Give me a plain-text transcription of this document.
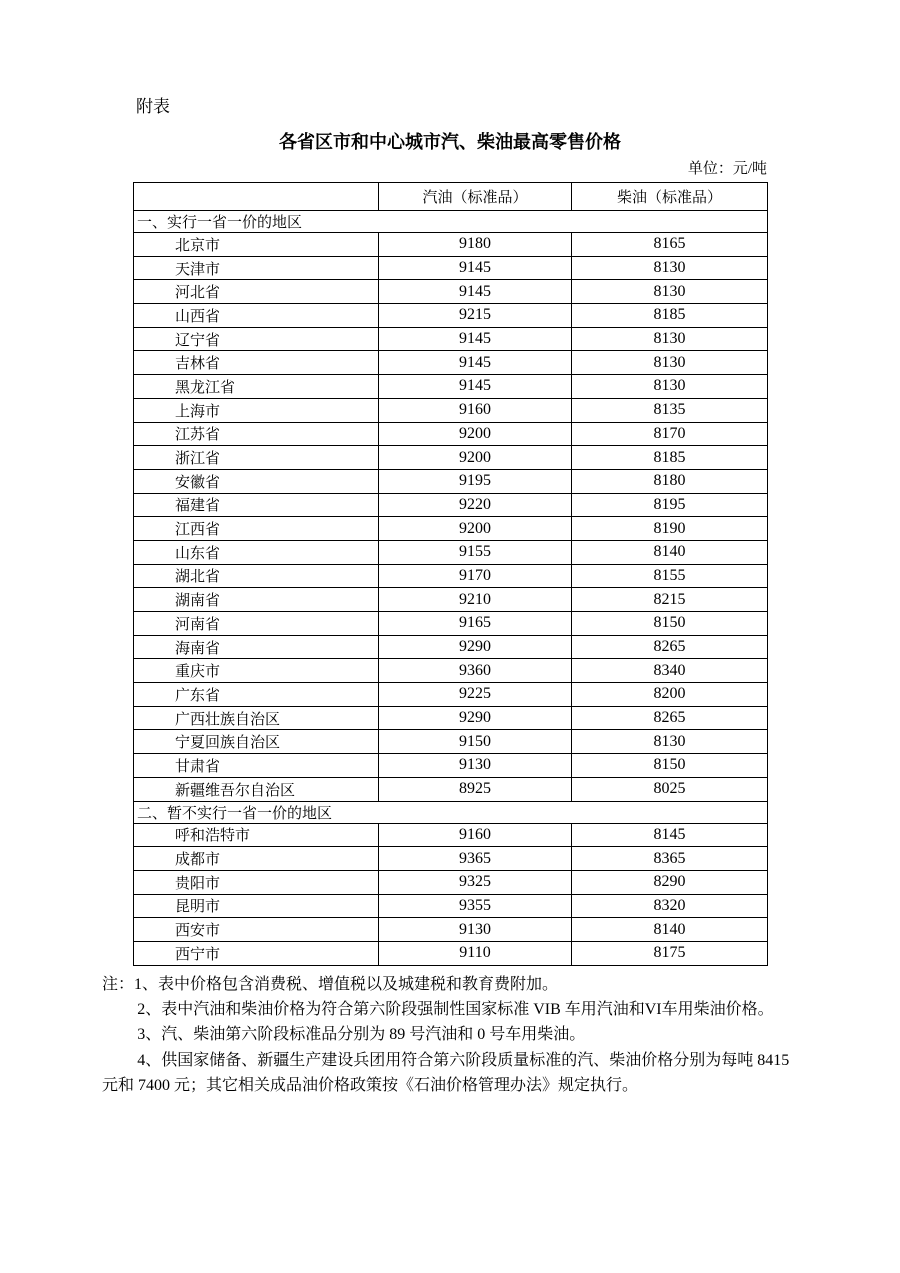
附表
各省区市和中心城市汽、柴油最高零售价格
单位：元/吨
	汽油（标准品）	柴油（标准品）
一、实行一省一价的地区		
北京市	9180	8165
天津市	9145	8130
河北省	9145	8130
山西省	9215	8185
辽宁省	9145	8130
吉林省	9145	8130
黑龙江省	9145	8130
上海市	9160	8135
江苏省	9200	8170
浙江省	9200	8185
安徽省	9195	8180
福建省	9220	8195
江西省	9200	8190
山东省	9155	8140
湖北省	9170	8155
湖南省	9210	8215
河南省	9165	8150
海南省	9290	8265
重庆市	9360	8340
广东省	9225	8200
广西壮族自治区	9290	8265
宁夏回族自治区	9150	8130
甘肃省	9130	8150
新疆维吾尔自治区	8925	8025
二、暂不实行一省一价的地区		
呼和浩特市	9160	8145
成都市	9365	8365
贵阳市	9325	8290
昆明市	9355	8320
西安市	9130	8140
西宁市	9110	8175

注：1、表中价格包含消费税、增值税以及城建税和教育费附加。

2、表中汽油和柴油价格为符合第六阶段强制性国家标准 VIB 车用汽油和VI车用柴油价格。

3、汽、柴油第六阶段标准品分别为 89 号汽油和 0 号车用柴油。

4、供国家储备、新疆生产建设兵团用符合第六阶段质量标准的汽、柴油价格分别为每吨 8415 元和 7400 元；其它相关成品油价格政策按《石油价格管理办法》规定执行。
